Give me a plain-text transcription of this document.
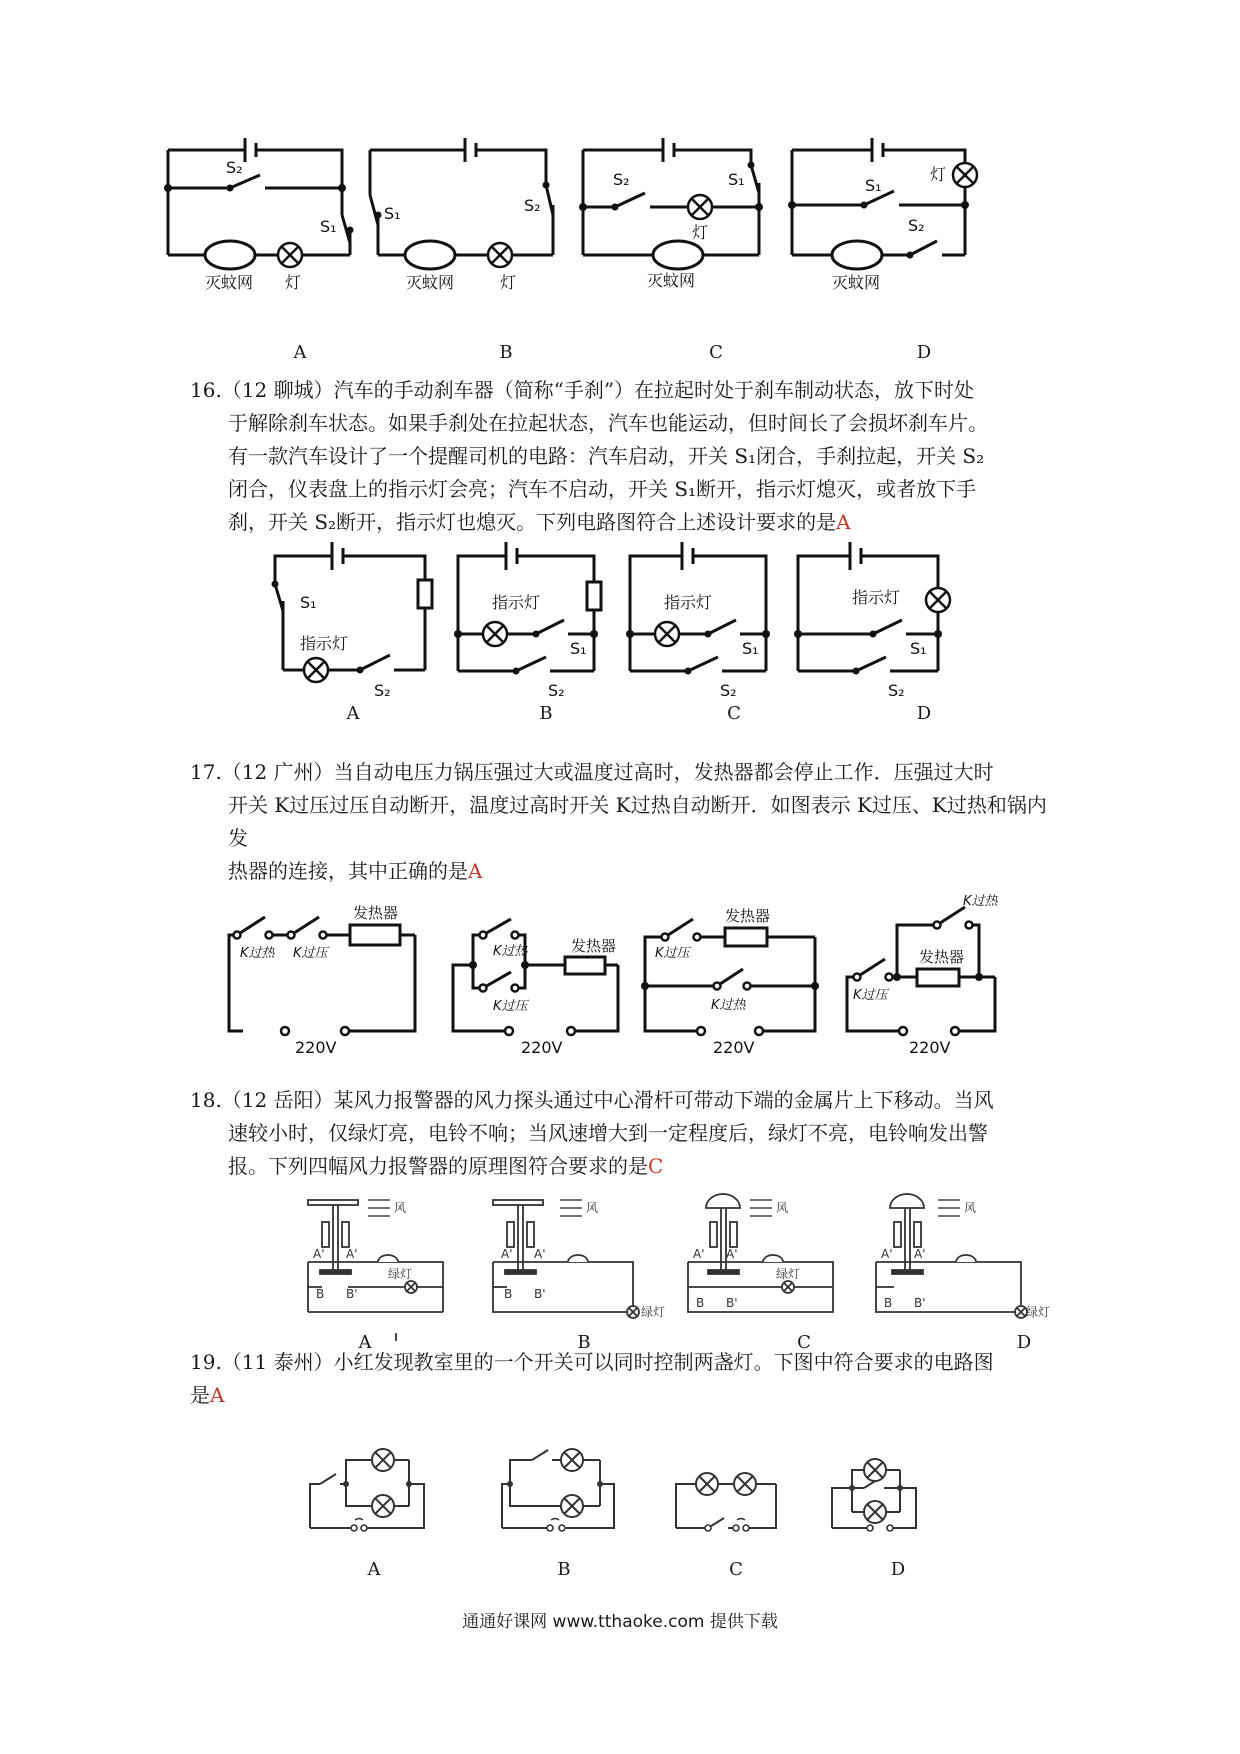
S₂
S₁
灭蚊网 灯
S₁	S₂
灭蚊网	灯
S₂	S₁
灯
灭蚊网
S₁
灯
S₂
灭蚊网
A	B	C	D

16.（12 聊城）汽车的手动刹车器（简称“手刹”）在拉起时处于刹车制动状态，放下时处

于解除刹车状态。如果手刹处在拉起状态，汽车也能运动，但时间长了会损坏刹车片。

有一款汽车设计了一个提醒司机的电路：汽车启动，开关 S₁闭合，手刹拉起，开关 S₂

闭合，仪表盘上的指示灯会亮；汽车不启动，开关 S₁断开，指示灯熄灭，或者放下手

刹，开关 S₂断开，指示灯也熄灭。下列电路图符合上述设计要求的是A

S₁
指示灯
S₂
指示灯
S₁
S₂
指示灯
S₁
S₂
指示灯
S₁
S₂
A	B	C	D

17.（12 广州）当自动电压力锅压强过大或温度过高时，发热器都会停止工作．压强过大时

开关 K过压过压自动断开，温度过高时开关 K过热自动断开．如图表示 K过压、K过热和锅内发

热器的连接，其中正确的是A

发热器
K过热 K过压
220V
发热器
K过热
K过压
220V
发热器
K过压
K过热
220V
K过热
发热器
K过压
220V

18.（12 岳阳）某风力报警器的风力探头通过中心滑杆可带动下端的金属片上下移动。当风

速较小时，仅绿灯亮，电铃不响；当风速增大到一定程度后，绿灯不亮，电铃响发出警

报。下列四幅风力报警器的原理图符合要求的是C

风	风	风	风
A' A'
绿灯
B B'
A' A'
B B'
绿灯
A' A'
绿灯
B B'
A' A'
B B'
绿灯
A	B	C	D

19.（11 泰州）小红发现教室里的一个开关可以同时控制两盏灯。下图中符合要求的电路图

是A

A	B	C	D
通通好课网 www.tthaoke.com 提供下载
